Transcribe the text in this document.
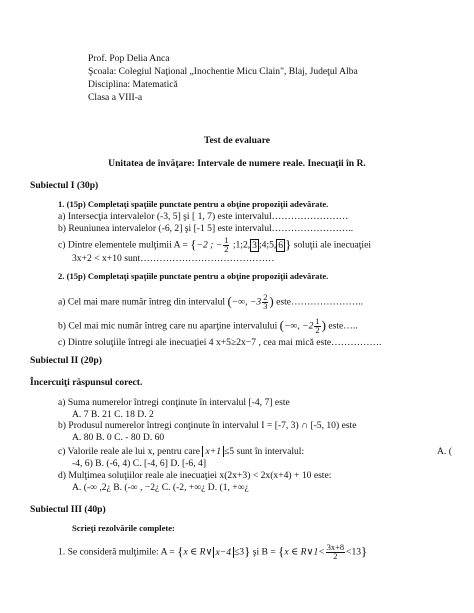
Prof. Pop Delia Anca
Şcoala: Colegiul Naţional „Inochentie Micu Clain", Blaj, Judeţul Alba
Disciplina: Matematică
Clasa a VIII-a
Test de evaluare
Unitatea de învăţare: Intervale de numere reale. Inecuaţii în R.
Subiectul I (30p)
1. (15p) Completaţi spaţiile punctate pentru a obţine propoziţii adevărate.
a) Intersecţia intervalelor (-3, 5] şi [ 1, 7) este intervalul……………………
b) Reuniunea intervalelor (-6, 2] şi [-1 5] este intervalul……………………..
c) Dintre elementele mulţimii A = {−2 ; − $\frac{1}{2}$ ;1;2, 3 ;4;5, 6 } soluţii ale inecuaţiei
3x+2 < x+10 sunt……………………………………
2. (15p) Completaţi spaţiile punctate pentru a obţine propoziţii adevărate.
a) Cel mai mare număr întreg din intervalul (−∞, $-3 \frac{2}{3}$ ) este…………………..
b) Cel mai mic număr întreg care nu aparţine intervalului (−∞, $-2 \frac{1}{2}$ ) este…..
c) Dintre soluţiile întregi ale inecuaţiei 4 x+5≥2x−7 , cea mai mică este…………….
Subiectul II (20p)
Încercuiţi răspunsul corect.
a) Suma numerelor întregi conţinute în intervalul [-4, 7] este
A. 7 B. 21 C. 18 D. 2
b) Produsul numerelor întregi conţinute în intervalul I = [-7, 3) ∩ [-5, 10) este
A. 80 B. 0 C. - 80 D. 60
c) Valorile reale ale lui x, pentru care x+1 ≤5 sunt în intervalul:	A. (
-4, 6) B. (-6, 4) C. [-4, 6] D. [-6, 4]
d) Mulţimea soluţiilor reale ale inecuaţiei x(2x+3) < 2x(x+4) + 10 este:
A. (-∞ ,2¿ B. (-∞ , −2¿ C. (-2, +∞¿ D. (1, +∞¿
Subiectul III (40p)
Scrieţi rezolvările complete:
1. Se consideră mulţimile: A = {x ∈ R∨ x−4 ≤3} şi B = {x ∈ R∨1< $\frac{3x+8}{2} <13$}
